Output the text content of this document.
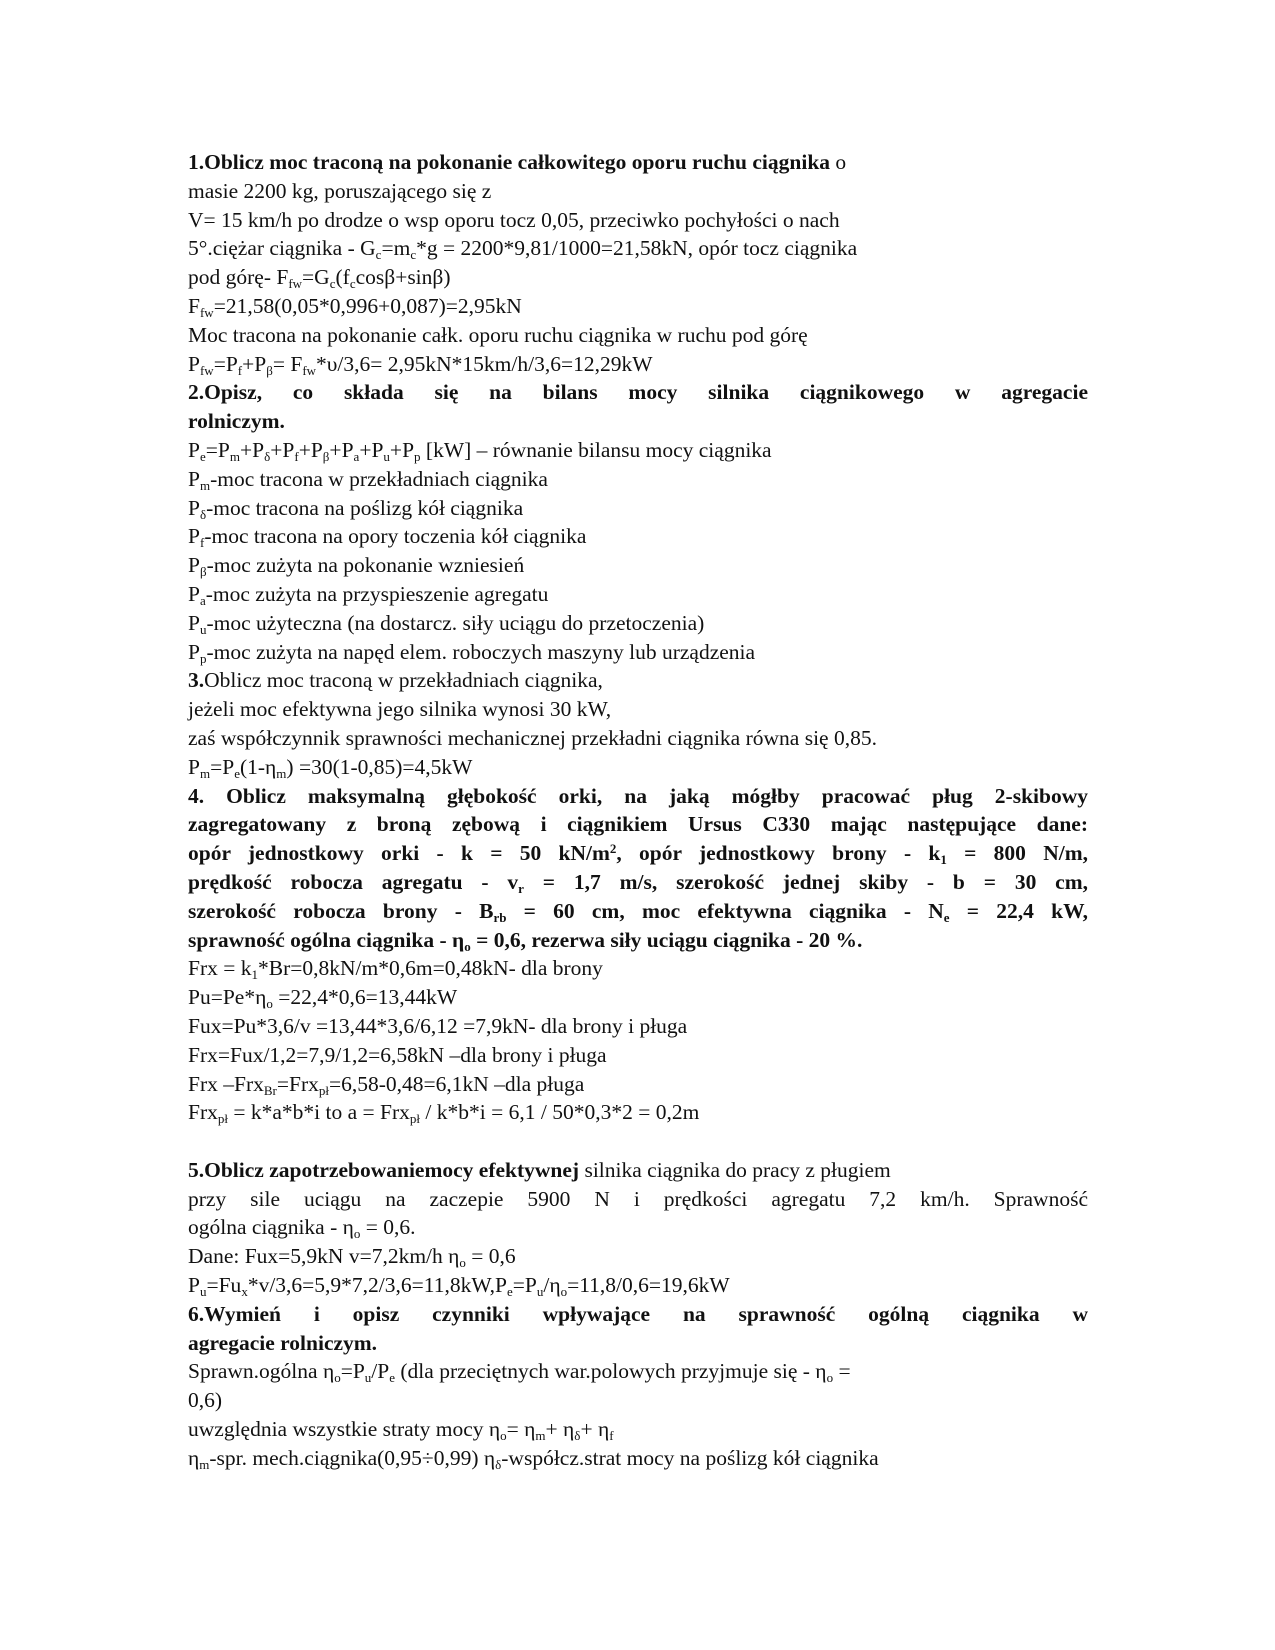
1.Oblicz moc traconą na pokonanie całkowitego oporu ruchu ciągnika o
masie 2200 kg, poruszającego się z
V= 15 km/h po drodze o wsp oporu tocz 0,05, przeciwko pochyłości o nach
5°.ciężar ciągnika - $G_c=m_c*g = 2200*9,81/1000=21,58kN$, opór tocz ciągnika
pod górę- $F_{fw}=G_c(f_c\cos\beta+\sin\beta)$
$F_{fw}=21,58(0,05*0,996+0,087)=2,95kN$
Moc tracona na pokonanie całk. oporu ruchu ciągnika w ruchu pod górę
$P_{fw}=P_f+P_\beta= F_{fw}*\upsilon/3,6= 2,95kN*15km/h/3,6=12,29kW$
2.Opisz, co składa się na bilans mocy silnika ciągnikowego w agregacie
rolniczym.
$P_e=P_m+P_\delta+P_f+P_\beta+P_a+P_u+P_p$ [kW] – równanie bilansu mocy ciągnika
$P_m$-moc tracona w przekładniach ciągnika
$P_\delta$-moc tracona na poślizg kół ciągnika
$P_f$-moc tracona na opory toczenia kół ciągnika
$P_\beta$-moc zużyta na pokonanie wzniesień
$P_a$-moc zużyta na przyspieszenie agregatu
$P_u$-moc użyteczna (na dostarcz. siły uciągu do przetoczenia)
$P_p$-moc zużyta na napęd elem. roboczych maszyny lub urządzenia
3.Oblicz moc traconą w przekładniach ciągnika,
jeżeli moc efektywna jego silnika wynosi 30 kW,
zaś współczynnik sprawności mechanicznej przekładni ciągnika równa się 0,85.
$P_m=P_e(1-\eta_m) =30(1-0,85)=4,5kW$
4. Oblicz maksymalną głębokość orki, na jaką mógłby pracować pług 2-skibowy
zagregatowany z broną zębową i ciągnikiem Ursus C330 mając następujące dane:
opór jednostkowy orki - k = 50 $kN/m^2$, opór jednostkowy brony - $k_1 = 800$ N/m,
prędkość robocza agregatu - $v_r = 1,7$ m/s, szerokość jednej skiby - b = 30 cm,
szerokość robocza brony - $B_{rb} = 60$ cm, moc efektywna ciągnika - $N_e = 22,4$ kW,
sprawność ogólna ciągnika - $\eta_o = 0,6$, rezerwa siły uciągu ciągnika - 20 %.
Frx = $k_1*Br=0,8kN/m*0,6m=0,48kN-$ dla brony
$Pu=Pe*\eta_o =22,4*0,6=13,44kW$
Fux=Pu*3,6/v =13,44*3,6/6,12 =7,9kN- dla brony i pługa
Frx=Fux/1,2=7,9/1,2=6,58kN –dla brony i pługa
Frx –Frx$_{Br}$=Frx$_{pł}$=6,58-0,48=6,1kN –dla pługa
Frx$_{pł}$ = k*a*b*i to a = Frx$_{pł}$ / k*b*i = 6,1 / 50*0,3*2 = 0,2m
5.Oblicz zapotrzebowaniemocy efektywnej silnika ciągnika do pracy z pługiem
przy sile uciągu na zaczepie 5900 N i prędkości agregatu 7,2 km/h. Sprawność
ogólna ciągnika - $\eta_o = 0,6$.
Dane: Fux=5,9kN v=7,2km/h $\eta_o = 0,6$
$P_u=Fu_x*v/3,6=5,9*7,2/3,6=11,8kW,P_e=P_u/\eta_o=11,8/0,6=19,6kW$
6.Wymień i opisz czynniki wpływające na sprawność ogólną ciągnika w
agregacie rolniczym.
Sprawn.ogólna $\eta_o=P_u/P_e$ (dla przeciętnych war.polowych przyjmuje się - $\eta_o$ =
0,6)
uwzględnia wszystkie straty mocy $\eta_o= \eta_m+ \eta_\delta+ \eta_f$
$\eta_m$-spr. mech.ciągnika(0,95÷0,99) $\eta_\delta-współcz.strat$ mocy na poślizg kół ciągnika
